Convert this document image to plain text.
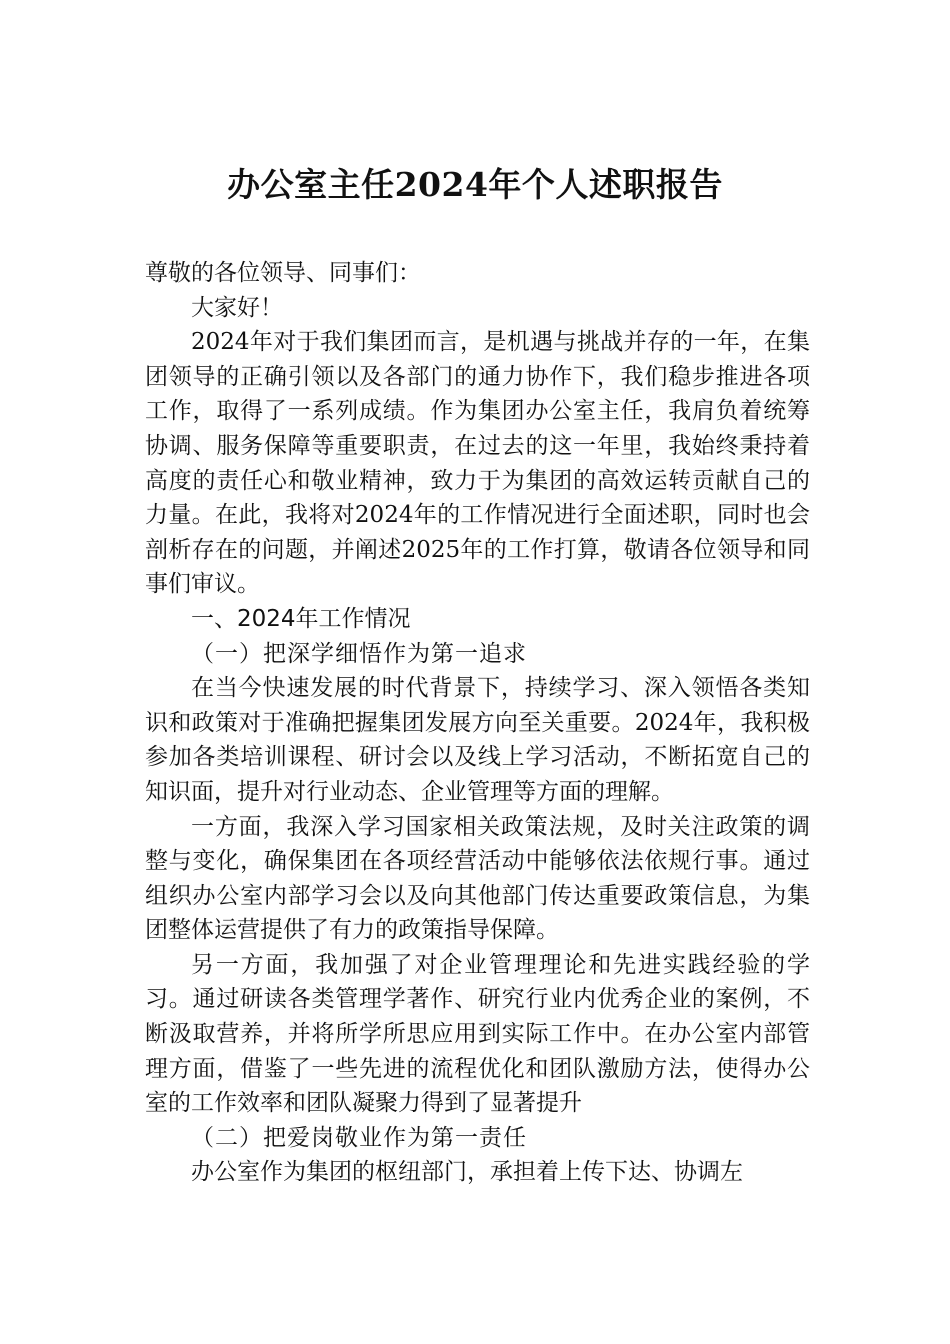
办公室主任2024年个人述职报告

尊敬的各位领导、同事们：

大家好！

2024年对于我们集团而言，是机遇与挑战并存的一年，在集团领导的正确引领以及各部门的通力协作下，我们稳步推进各项工作，取得了一系列成绩。作为集团办公室主任，我肩负着统筹协调、服务保障等重要职责，在过去的这一年里，我始终秉持着高度的责任心和敬业精神，致力于为集团的高效运转贡献自己的力量。在此，我将对2024年的工作情况进行全面述职，同时也会剖析存在的问题，并阐述2025年的工作打算，敬请各位领导和同事们审议。

一、2024年工作情况

（一）把深学细悟作为第一追求

在当今快速发展的时代背景下，持续学习、深入领悟各类知识和政策对于准确把握集团发展方向至关重要。2024年，我积极参加各类培训课程、研讨会以及线上学习活动，不断拓宽自己的知识面，提升对行业动态、企业管理等方面的理解。

一方面，我深入学习国家相关政策法规，及时关注政策的调整与变化，确保集团在各项经营活动中能够依法依规行事。通过组织办公室内部学习会以及向其他部门传达重要政策信息，为集团整体运营提供了有力的政策指导保障。

另一方面，我加强了对企业管理理论和先进实践经验的学习。通过研读各类管理学著作、研究行业内优秀企业的案例，不断汲取营养，并将所学所思应用到实际工作中。在办公室内部管理方面，借鉴了一些先进的流程优化和团队激励方法，使得办公室的工作效率和团队凝聚力得到了显著提升

（二）把爱岗敬业作为第一责任

办公室作为集团的枢纽部门，承担着上传下达、协调左
